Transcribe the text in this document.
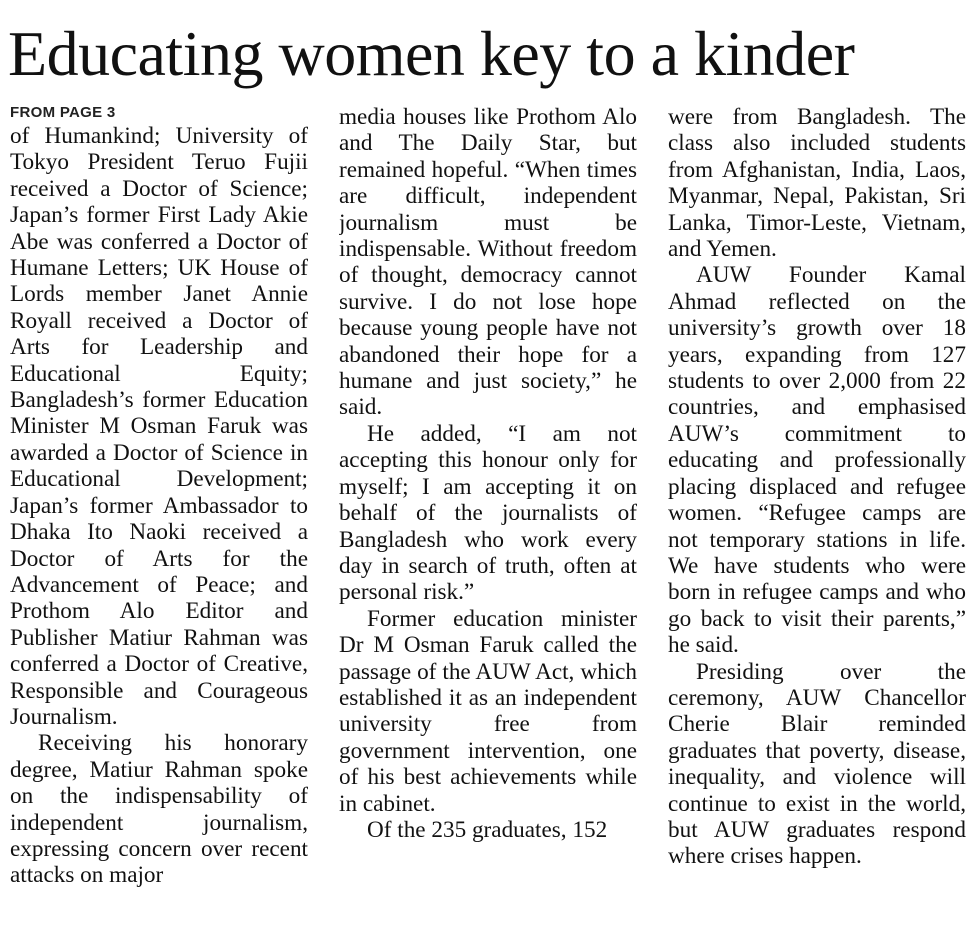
Educating women key to a kinder
FROM PAGE 3

of Humankind; University of Tokyo President Teruo Fujii received a Doctor of Science; Japan’s former First Lady Akie Abe was conferred a Doctor of Humane Letters; UK House of Lords member Janet Annie Royall received a Doctor of Arts for Leadership and Educational Equity; Bangladesh’s former Education Minister M Osman Faruk was awarded a Doctor of Science in Educational Development; Japan’s former Ambassador to Dhaka Ito Naoki received a Doctor of Arts for the Advancement of Peace; and Prothom Alo Editor and Publisher Matiur Rahman was conferred a Doctor of Creative, Responsible and Courageous Journalism.

Receiving his honorary degree, Matiur Rahman spoke on the indispensability of independent journalism, expressing concern over recent attacks on major

media houses like Prothom Alo and The Daily Star, but remained hopeful. “When times are difficult, independent journalism must be indispensable. Without freedom of thought, democracy cannot survive. I do not lose hope because young people have not abandoned their hope for a humane and just society,” he said.

He added, “I am not accepting this honour only for myself; I am accepting it on behalf of the journalists of Bangladesh who work every day in search of truth, often at personal risk.”

Former education minister Dr M Osman Faruk called the passage of the AUW Act, which established it as an independent university free from government intervention, one of his best achievements while in cabinet.

Of the 235 graduates, 152

were from Bangladesh. The class also included students from Afghanistan, India, Laos, Myanmar, Nepal, Pakistan, Sri Lanka, Timor-Leste, Vietnam, and Yemen.

AUW Founder Kamal Ahmad reflected on the university’s growth over 18 years, expanding from 127 students to over 2,000 from 22 countries, and emphasised AUW’s commitment to educating and professionally placing displaced and refugee women. “Refugee camps are not temporary stations in life. We have students who were born in refugee camps and who go back to visit their parents,” he said.

Presiding over the ceremony, AUW Chancellor Cherie Blair reminded graduates that poverty, disease, inequality, and violence will continue to exist in the world, but AUW graduates respond where crises happen.
